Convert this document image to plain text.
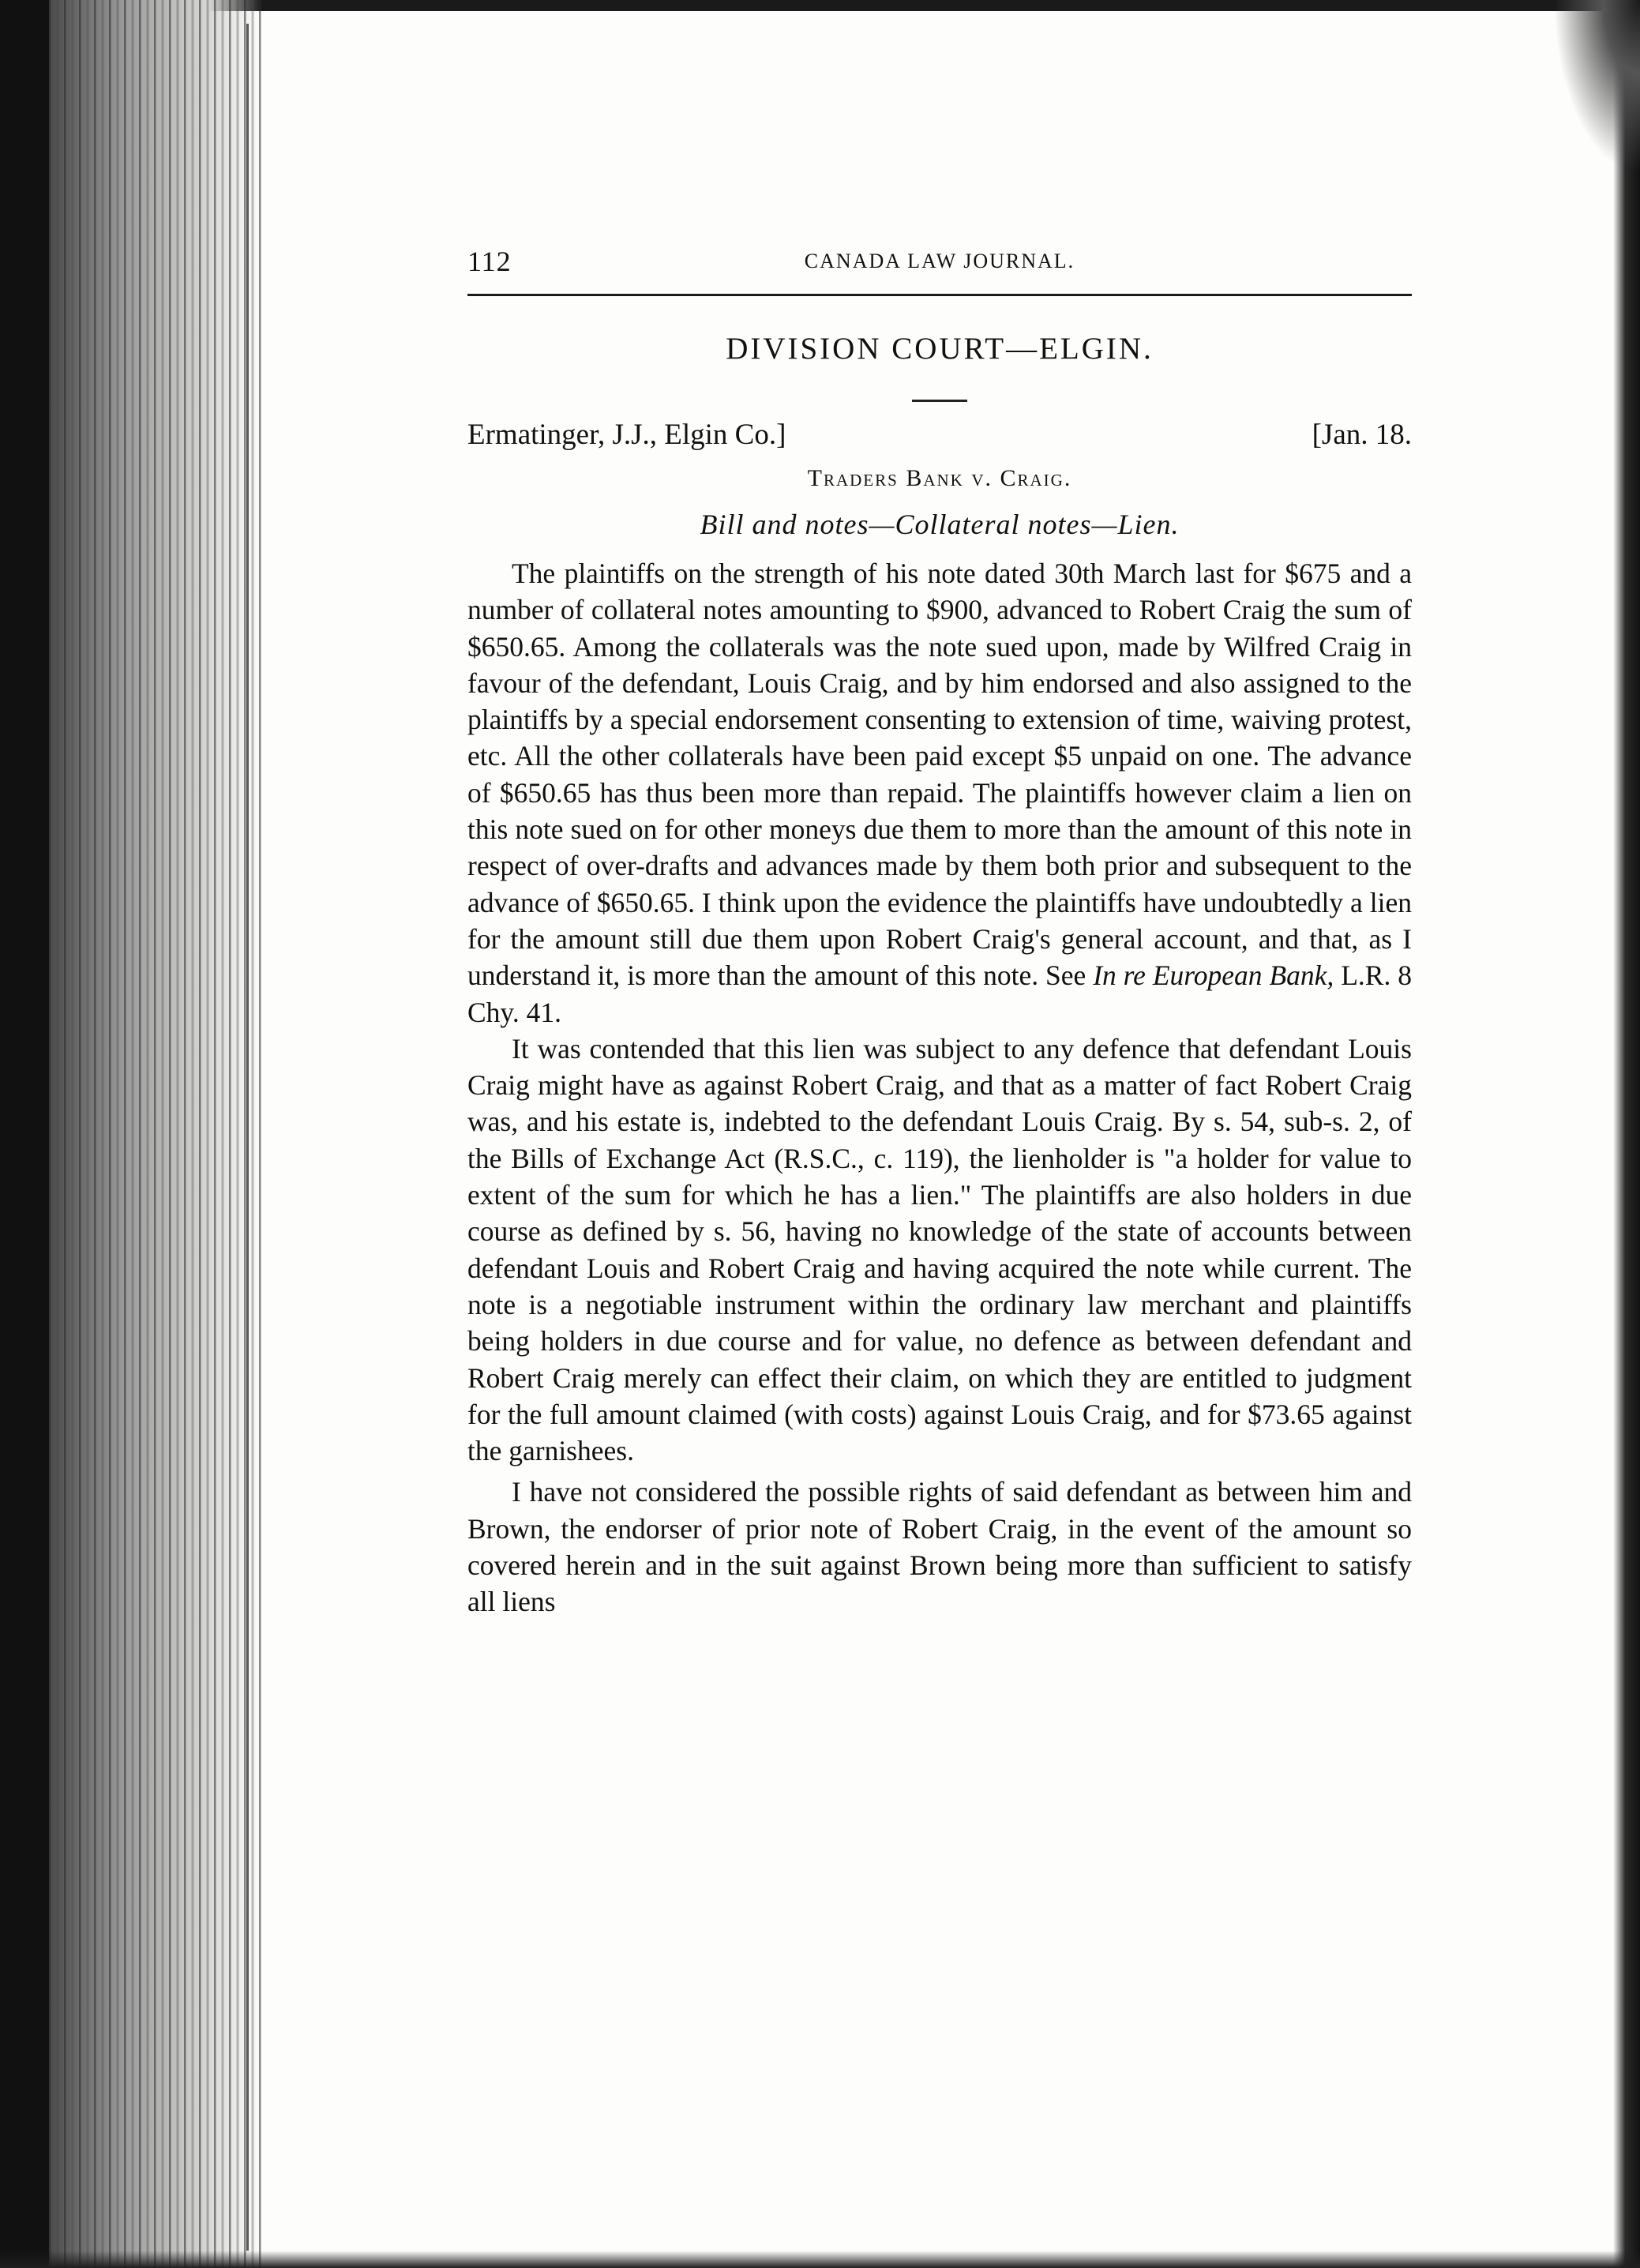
112	CANADA LAW JOURNAL.
DIVISION COURT—ELGIN.
Ermatinger, J.J., Elgin Co.]	[Jan. 18.
Traders Bank v. Craig.
Bill and notes—Collateral notes—Lien.

The plaintiffs on the strength of his note dated 30th March last for $675 and a number of collateral notes amounting to $900, advanced to Robert Craig the sum of $650.65. Among the collaterals was the note sued upon, made by Wilfred Craig in favour of the defendant, Louis Craig, and by him endorsed and also assigned to the plaintiffs by a special endorsement consenting to extension of time, waiving protest, etc. All the other collaterals have been paid except $5 unpaid on one. The advance of $650.65 has thus been more than repaid. The plaintiffs however claim a lien on this note sued on for other moneys due them to more than the amount of this note in respect of over-drafts and advances made by them both prior and subsequent to the advance of $650.65. I think upon the evidence the plaintiffs have undoubtedly a lien for the amount still due them upon Robert Craig's general account, and that, as I understand it, is more than the amount of this note. See In re European Bank, L.R. 8 Chy. 41.

It was contended that this lien was subject to any defence that defendant Louis Craig might have as against Robert Craig, and that as a matter of fact Robert Craig was, and his estate is, indebted to the defendant Louis Craig. By s. 54, sub-s. 2, of the Bills of Exchange Act (R.S.C., c. 119), the lienholder is "a holder for value to extent of the sum for which he has a lien." The plaintiffs are also holders in due course as defined by s. 56, having no knowledge of the state of accounts between defendant Louis and Robert Craig and having acquired the note while current. The note is a negotiable instrument within the ordinary law merchant and plaintiffs being holders in due course and for value, no defence as between defendant and Robert Craig merely can effect their claim, on which they are entitled to judgment for the full amount claimed (with costs) against Louis Craig, and for $73.65 against the garnishees.

I have not considered the possible rights of said defendant as between him and Brown, the endorser of prior note of Robert Craig, in the event of the amount so covered herein and in the suit against Brown being more than sufficient to satisfy all liens
